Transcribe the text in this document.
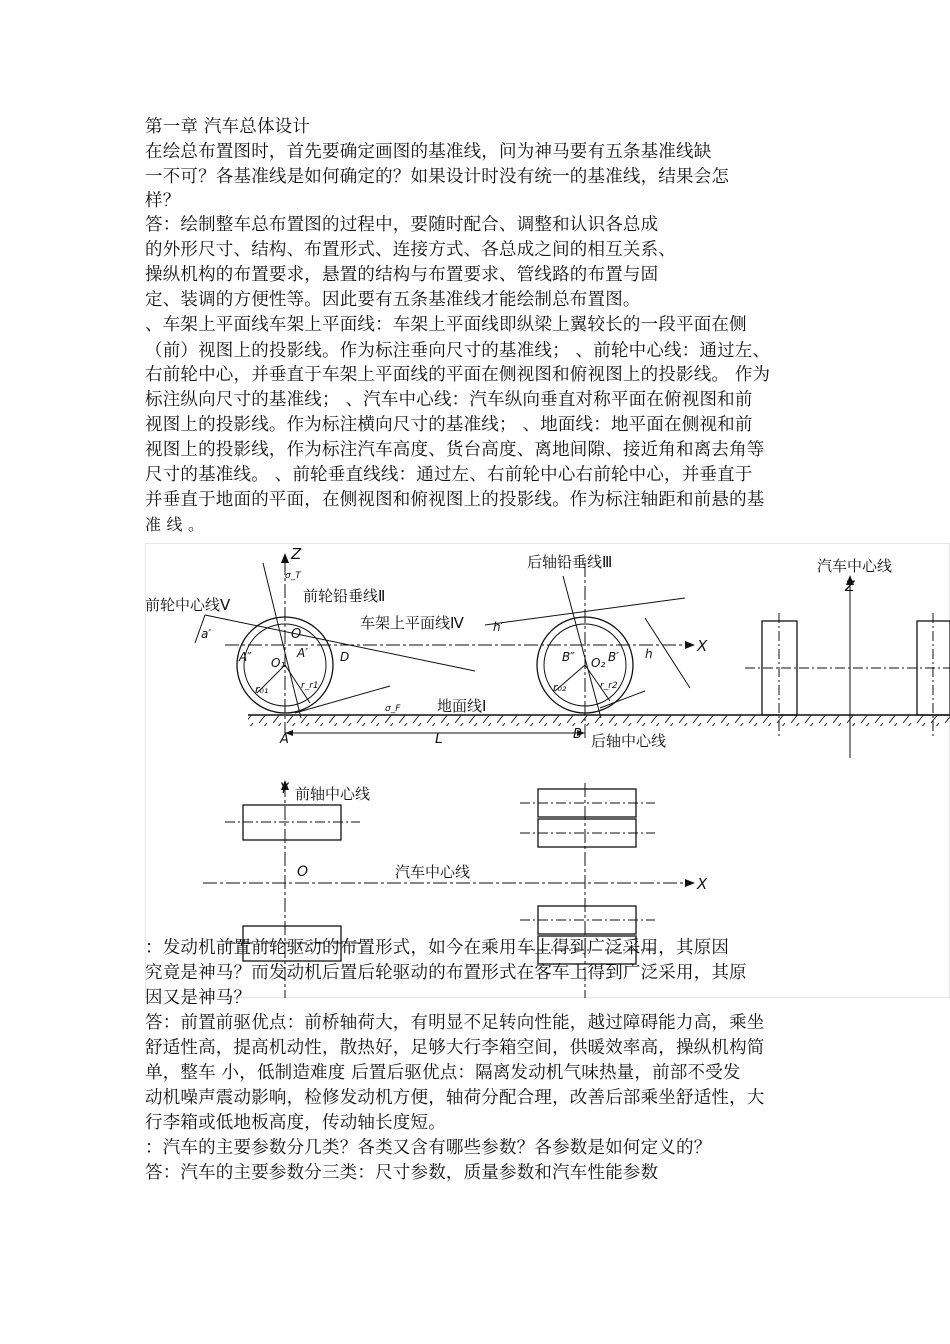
第一章 汽车总体设计
在绘总布置图时，首先要确定画图的基准线，问为神马要有五条基准线缺
一不可？各基准线是如何确定的？如果设计时没有统一的基准线，结果会怎
样？
答：绘制整车总布置图的过程中，要随时配合、调整和认识各总成
的外形尺寸、结构、布置形式、连接方式、各总成之间的相互关系、
操纵机构的布置要求，悬置的结构与布置要求、管线路的布置与固
定、装调的方便性等。因此要有五条基准线才能绘制总布置图。
、车架上平面线车架上平面线：车架上平面线即纵梁上翼较长的一段平面在侧
（前）视图上的投影线。作为标注垂向尺寸的基准线； 、前轮中心线：通过左、
右前轮中心，并垂直于车架上平面线的平面在侧视图和俯视图上的投影线。 作为
标注纵向尺寸的基准线； 、汽车中心线：汽车纵向垂直对称平面在俯视图和前
视图上的投影线。作为标注横向尺寸的基准线； 、地面线：地平面在侧视和前
视图上的投影线，作为标注汽车高度、货台高度、离地间隙、接近角和离去角等
尺寸的基准线。 、前轮垂直线线：通过左、右前轮中心右前轮中心，并垂直于
并垂直于地面的平面，在侧视图和俯视图上的投影线。作为标注轴距和前悬的基
准 线 。
X
Z
前轮中心线Ⅴ	前轮铅垂线Ⅱ
车架上平面线Ⅳ
σ_T
O
O₁
A″	A′
a′
D
r₀₁	r_r1
σ_F 地面线Ⅰ
后轴铅垂线Ⅲ
h′
h
B″	B′
O₂
r₀₂	r_r2
A	B
L	后轴中心线
Z
汽车中心线
Y 前轴中心线
X
O	汽车中心线
：发动机前置前轮驱动的布置形式，如今在乘用车上得到广泛采用，其原因
究竟是神马？而发动机后置后轮驱动的布置形式在客车上得到广泛采用，其原
因又是神马？
答：前置前驱优点：前桥轴荷大，有明显不足转向性能，越过障碍能力高，乘坐
舒适性高，提高机动性，散热好，足够大行李箱空间，供暖效率高，操纵机构简
单，整车 小，低制造难度 后置后驱优点：隔离发动机气味热量，前部不受发
动机噪声震动影响，检修发动机方便，轴荷分配合理，改善后部乘坐舒适性，大
行李箱或低地板高度，传动轴长度短。
：汽车的主要参数分几类？各类又含有哪些参数？各参数是如何定义的？
答：汽车的主要参数分三类：尺寸参数，质量参数和汽车性能参数
